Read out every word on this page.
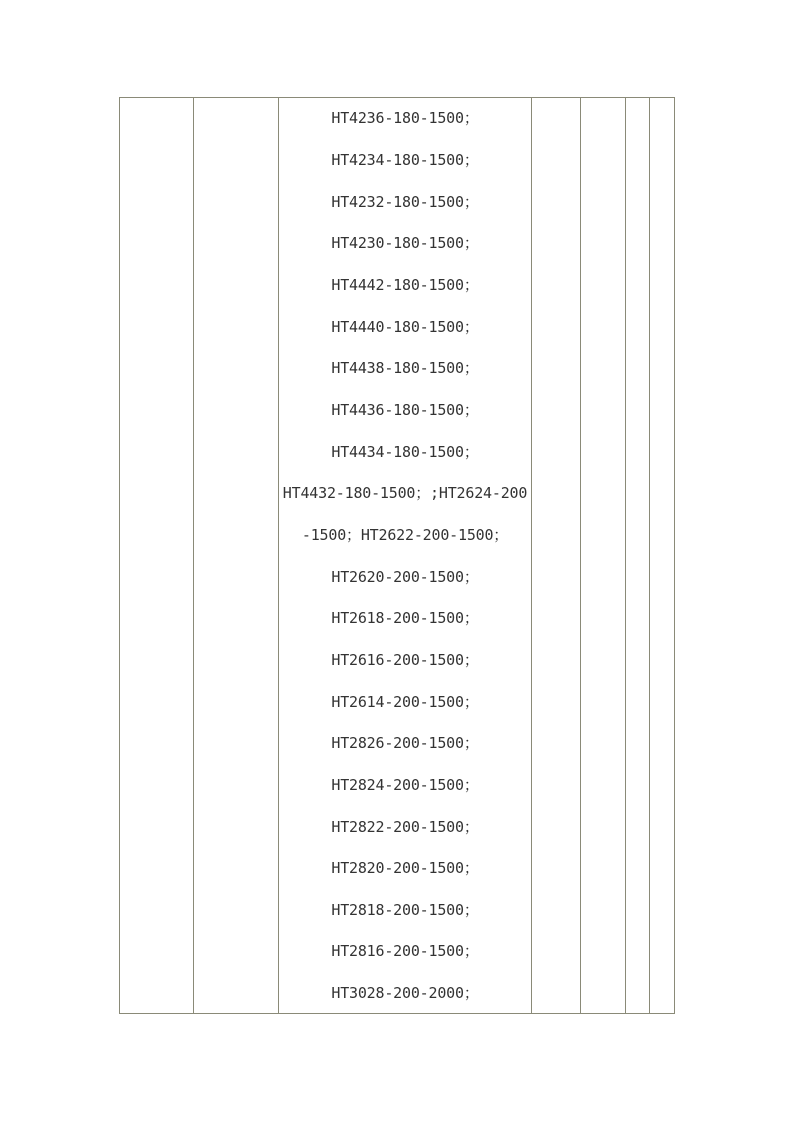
HT4236-180-1500；
HT4234-180-1500；
HT4232-180-1500；
HT4230-180-1500；
HT4442-180-1500；
HT4440-180-1500；
HT4438-180-1500；
HT4436-180-1500；
HT4434-180-1500；
HT4432-180-1500；;HT2624-200
-1500；HT2622-200-1500；
HT2620-200-1500；
HT2618-200-1500；
HT2616-200-1500；
HT2614-200-1500；
HT2826-200-1500；
HT2824-200-1500；
HT2822-200-1500；
HT2820-200-1500；
HT2818-200-1500；
HT2816-200-1500；
HT3028-200-2000；
